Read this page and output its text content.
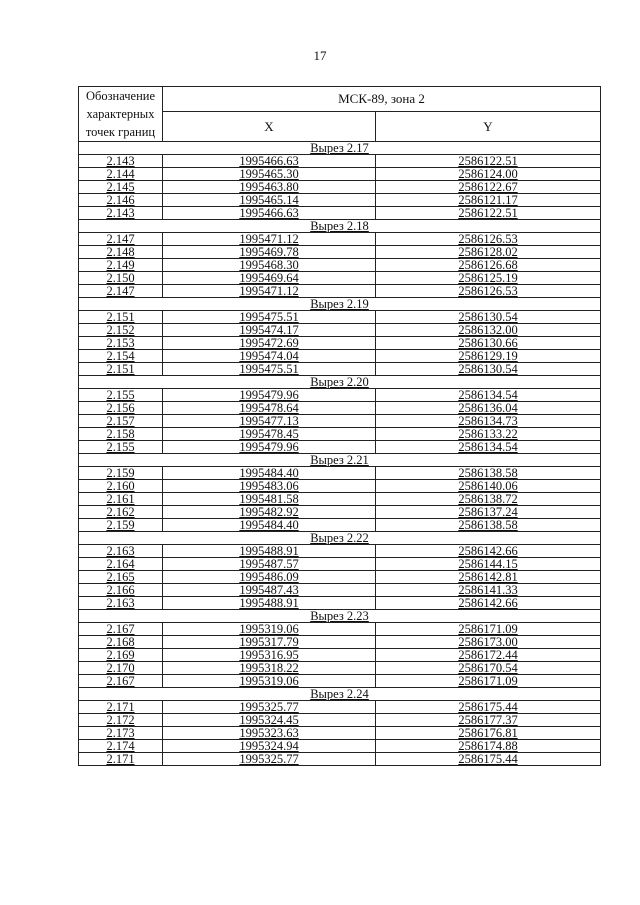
17
Обозначение
характерных
точек границ	МСК-89, зона 2	
	X	Y
Вырез 2.17		
2.143	1995466.63	2586122.51
2.144	1995465.30	2586124.00
2.145	1995463.80	2586122.67
2.146	1995465.14	2586121.17
2.143	1995466.63	2586122.51
Вырез 2.18		
2.147	1995471.12	2586126.53
2.148	1995469.78	2586128.02
2.149	1995468.30	2586126.68
2.150	1995469.64	2586125.19
2.147	1995471.12	2586126.53
Вырез 2.19		
2.151	1995475.51	2586130.54
2.152	1995474.17	2586132.00
2.153	1995472.69	2586130.66
2.154	1995474.04	2586129.19
2.151	1995475.51	2586130.54
Вырез 2.20		
2.155	1995479.96	2586134.54
2.156	1995478.64	2586136.04
2.157	1995477.13	2586134.73
2.158	1995478.45	2586133.22
2.155	1995479.96	2586134.54
Вырез 2.21		
2.159	1995484.40	2586138.58
2.160	1995483.06	2586140.06
2.161	1995481.58	2586138.72
2.162	1995482.92	2586137.24
2.159	1995484.40	2586138.58
Вырез 2.22		
2.163	1995488.91	2586142.66
2.164	1995487.57	2586144.15
2.165	1995486.09	2586142.81
2.166	1995487.43	2586141.33
2.163	1995488.91	2586142.66
Вырез 2.23		
2.167	1995319.06	2586171.09
2.168	1995317.79	2586173.00
2.169	1995316.95	2586172.44
2.170	1995318.22	2586170.54
2.167	1995319.06	2586171.09
Вырез 2.24		
2.171	1995325.77	2586175.44
2.172	1995324.45	2586177.37
2.173	1995323.63	2586176.81
2.174	1995324.94	2586174.88
2.171	1995325.77	2586175.44
